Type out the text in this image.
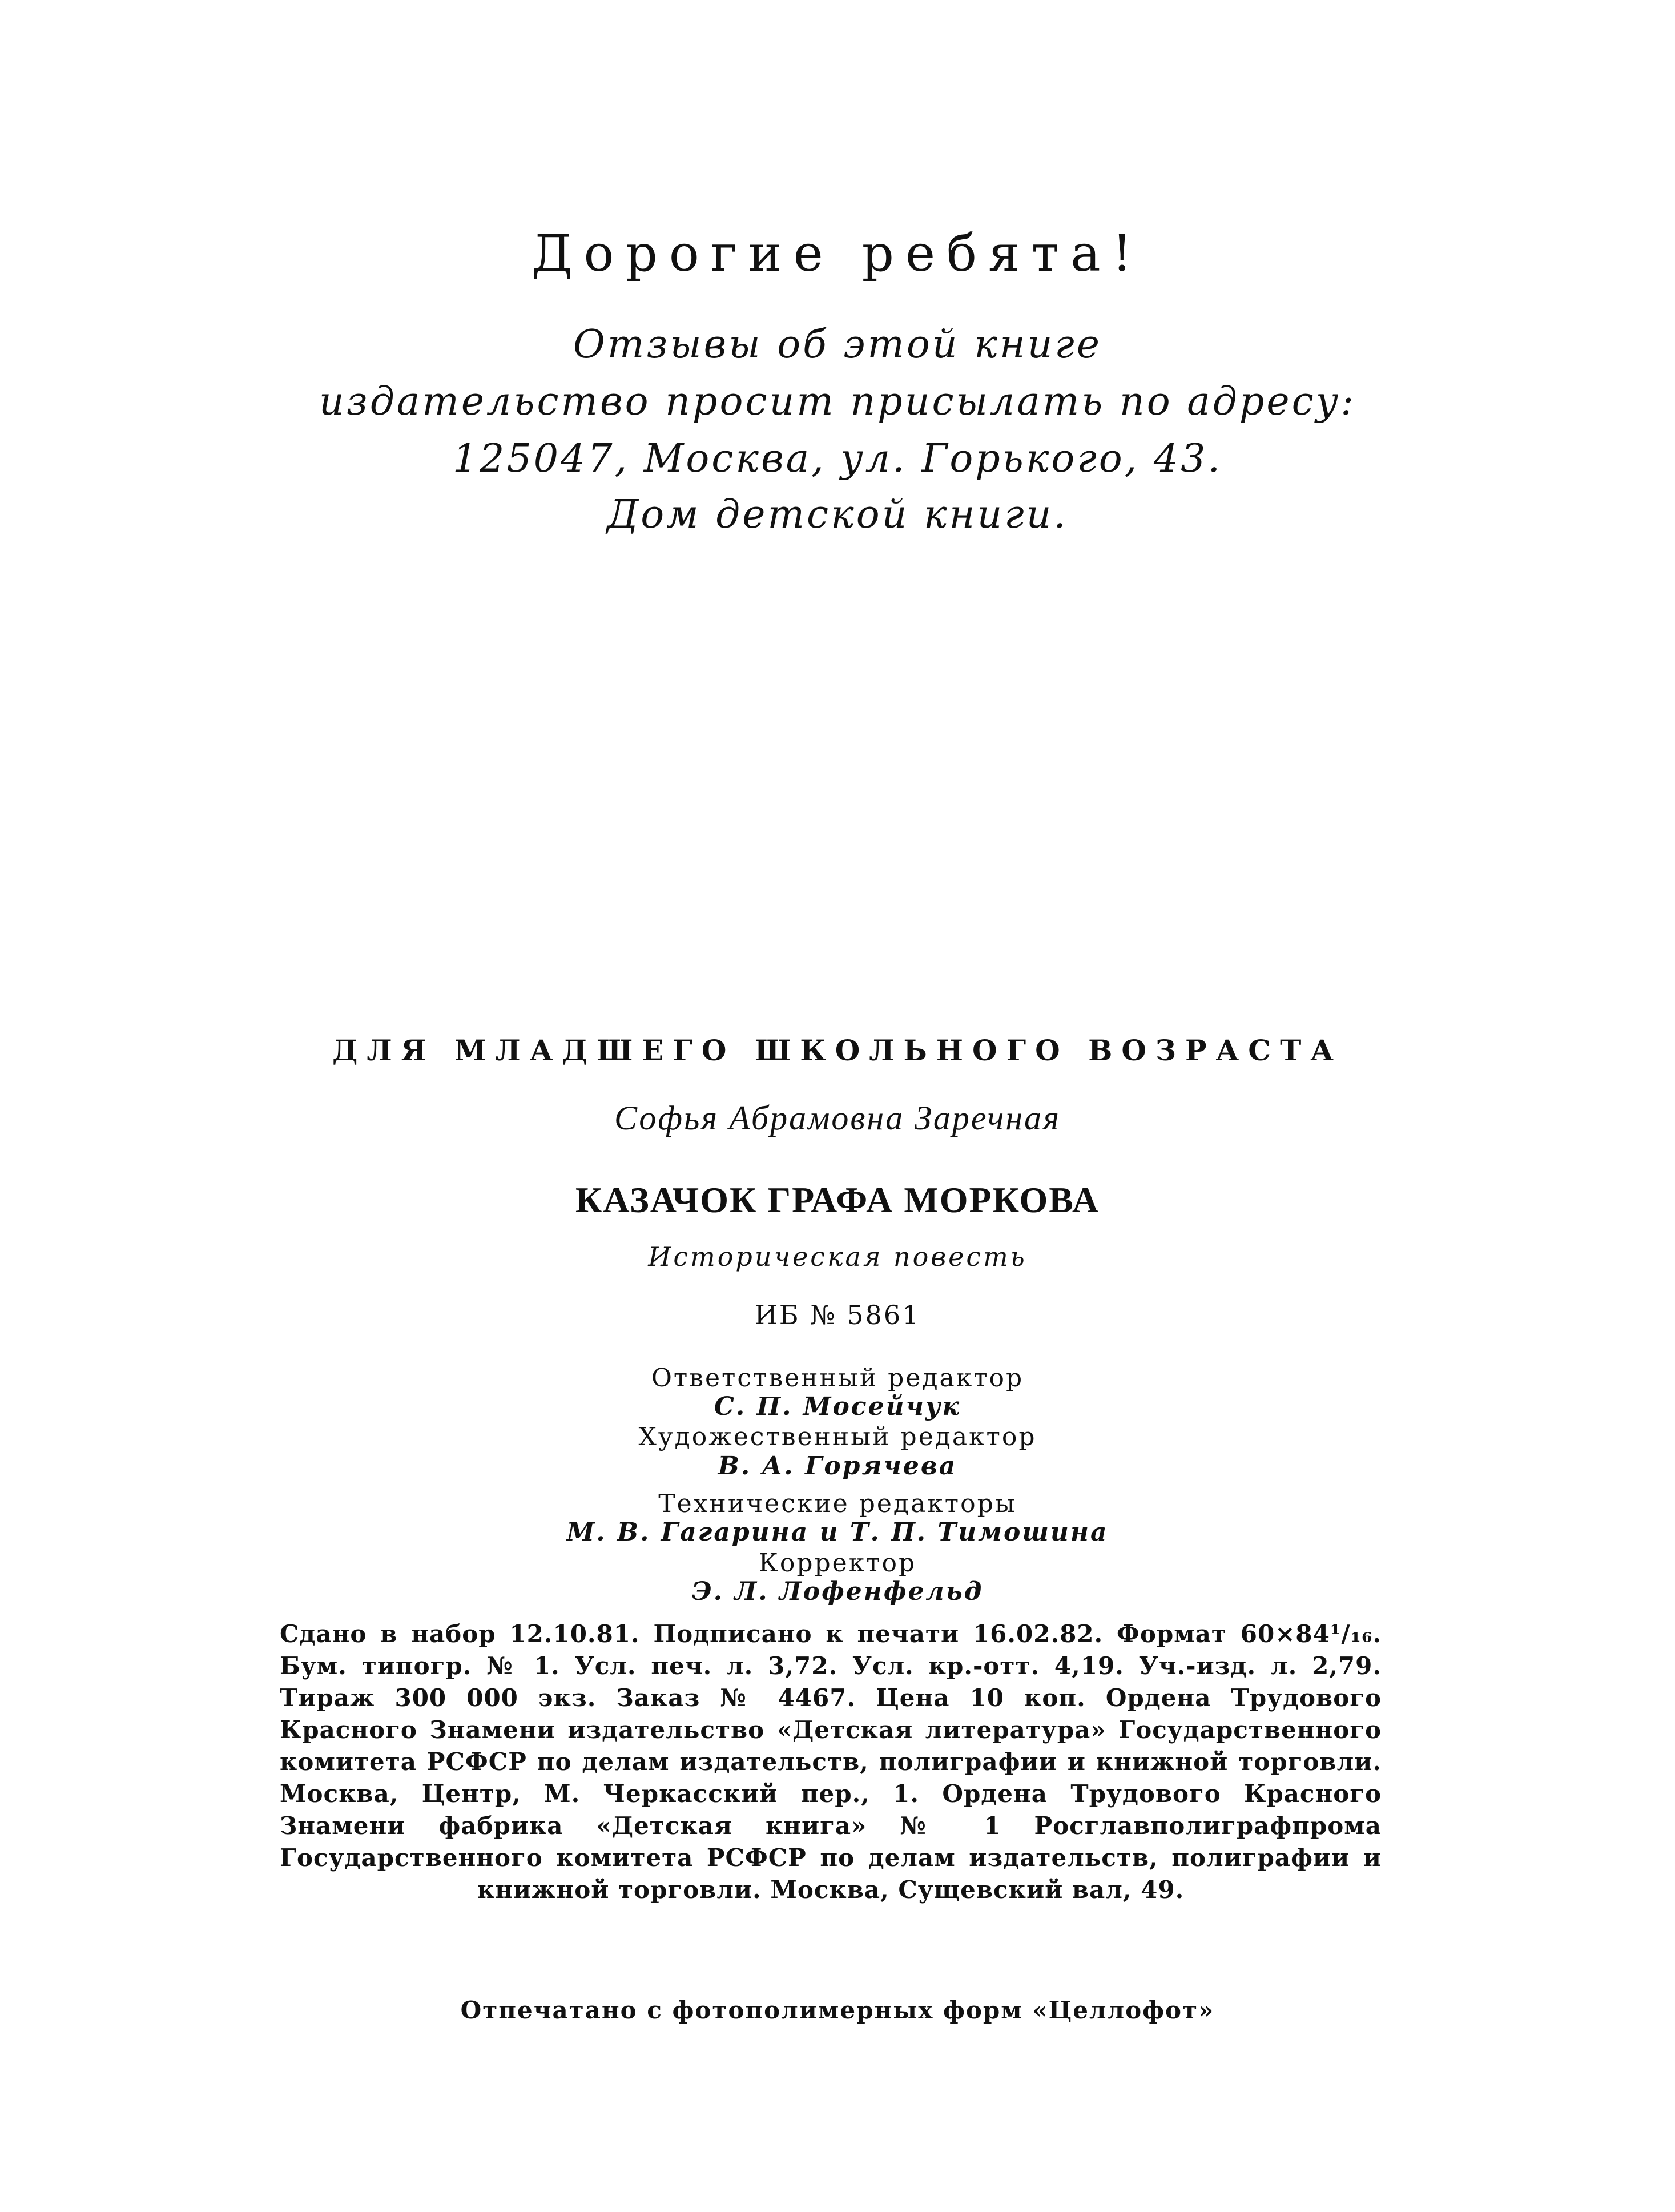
Дорогие ребята!
Отзывы об этой книге
издательство просит присылать по адресу:
125047, Москва, ул. Горького, 43.
Дом детской книги.
ДЛЯ МЛАДШЕГО ШКОЛЬНОГО ВОЗРАСТА
Софья Абрамовна Заречная
КАЗАЧОК ГРАФА МОРКОВА
Историческая повесть
ИБ № 5861
Ответственный редактор
С. П. Мосейчук
Художественный редактор
В. А. Горячева
Технические редакторы
М. В. Гагарина и Т. П. Тимошина
Корректор
Э. Л. Лофенфельд

Сдано в набор 12.10.81. Подписано к печати 16.02.82. Формат 60×84¹/₁₆. Бум. типогр. № 1. Усл. печ. л. 3,72. Усл. кр.-отт. 4,19. Уч.-изд. л. 2,79. Тираж 300 000 экз. Заказ № 4467. Цена 10 коп. Ордена Трудового Красного Знамени издательство «Детская литература» Государственного комитета РСФСР по делам издательств, полиграфии и книжной торговли. Москва, Центр, М. Черкасский пер., 1. Ордена Трудового Красного Знамени фабрика «Детская книга» № 1 Росглавполиграфпрома Государственного комитета РСФСР по делам издательств, полиграфии и книжной торговли. Москва, Сущевский вал, 49.

Отпечатано с фотополимерных форм «Целлофот»
